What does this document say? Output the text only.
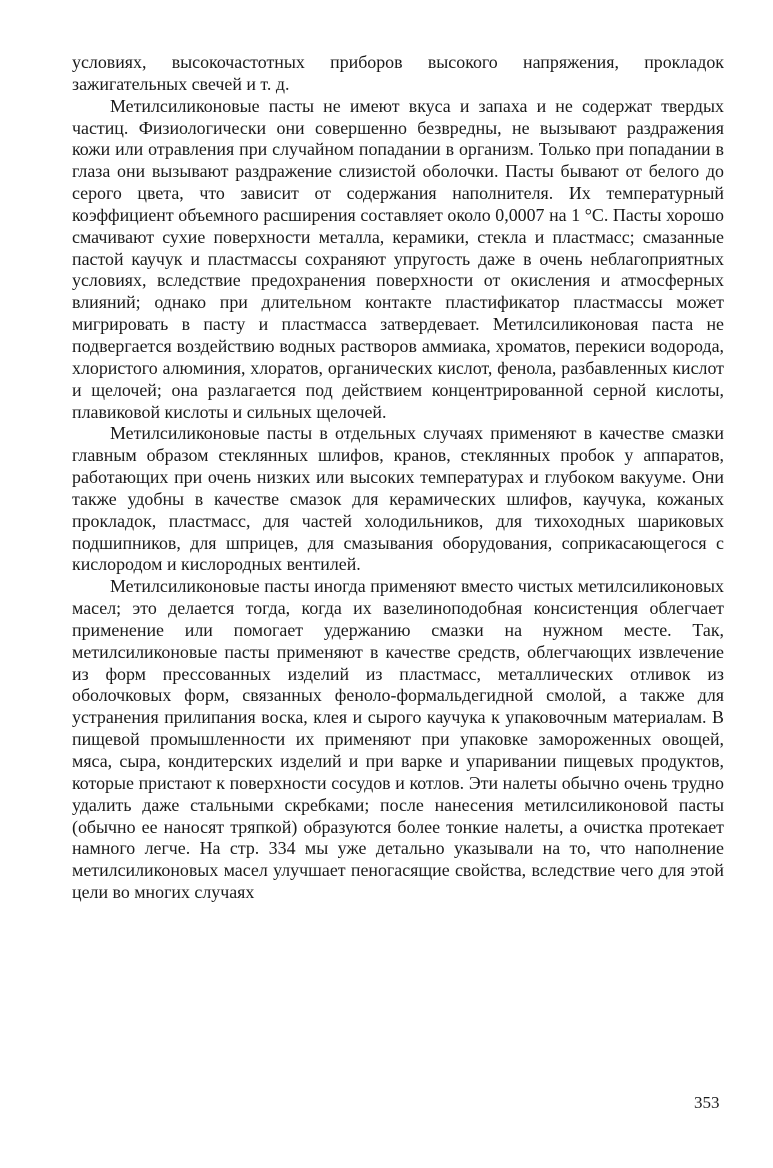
условиях, высокочастотных приборов высокого напряжения, прокладок зажигательных свечей и т. д.

Метилсиликоновые пасты не имеют вкуса и запаха и не содержат твердых частиц. Физиологически они совершенно безвредны, не вызывают раздражения кожи или отравления при случайном попадании в организм. Только при попадании в глаза они вызывают раздражение слизистой оболочки. Пасты бывают от белого до серого цвета, что зависит от содержания наполнителя. Их температурный коэффициент объемного расширения составляет около 0,0007 на 1 °С. Пасты хорошо смачивают сухие поверхности металла, керамики, стекла и пластмасс; смазанные пастой каучук и пластмассы сохраняют упругость даже в очень неблагоприятных условиях, вследствие предохранения поверхности от окисления и атмосферных влияний; однако при длительном контакте пластификатор пластмассы может мигрировать в пасту и пластмасса затвердевает. Метилсиликоновая паста не подвергается воздействию водных растворов аммиака, хроматов, перекиси водорода, хлористого алюминия, хлоратов, органических кислот, фенола, разбавленных кислот и щелочей; она разлагается под действием концентрированной серной кислоты, плавиковой кислоты и сильных щелочей.

Метилсиликоновые пасты в отдельных случаях применяют в качестве смазки главным образом стеклянных шлифов, кранов, стеклянных пробок у аппаратов, работающих при очень низких или высоких температурах и глубоком вакууме. Они также удобны в качестве смазок для керамических шлифов, каучука, кожаных прокладок, пластмасс, для частей холодильников, для тихоходных шариковых подшипников, для шприцев, для смазывания оборудования, соприкасающегося с кислородом и кислородных вентилей.

Метилсиликоновые пасты иногда применяют вместо чистых метилсиликоновых масел; это делается тогда, когда их вазелиноподобная консистенция облегчает применение или помогает удержанию смазки на нужном месте. Так, метилсиликоновые пасты применяют в качестве средств, облегчающих извлечение из форм прессованных изделий из пластмасс, металлических отливок из оболочковых форм, связанных феноло-формальдегидной смолой, а также для устранения прилипания воска, клея и сырого каучука к упаковочным материалам. В пищевой промышленности их применяют при упаковке замороженных овощей, мяса, сыра, кондитерских изделий и при варке и упаривании пищевых продуктов, которые пристают к поверхности сосудов и котлов. Эти налеты обычно очень трудно удалить даже стальными скребками; после нанесения метилсиликоновой пасты (обычно ее наносят тряпкой) образуются более тонкие налеты, а очистка протекает намного легче. На стр. 334 мы уже детально указывали на то, что наполнение метилсиликоновых масел улучшает пеногасящие свойства, вследствие чего для этой цели во многих случаях

353
